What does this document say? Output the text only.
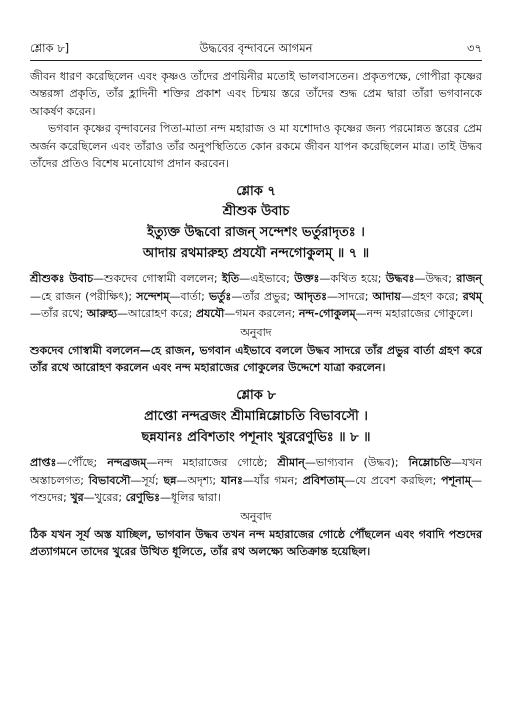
শ্লোক ৮]	উদ্ধবের বৃন্দাবনে আগমন	৩৭

জীবন ধারণ করেছিলেন এবং কৃষ্ণও তাঁদের প্রণয়িনীর মতোই ভালবাসতেন। প্রকৃতপক্ষে, গোপীরা কৃষ্ণের অন্তরঙ্গা প্রকৃতি, তাঁর হ্লাদিনী শক্তির প্রকাশ এবং চিন্ময় স্তরে তাঁদের শুদ্ধ প্রেম দ্বারা তাঁরা ভগবানকে আকর্ষণ করেন।

ভগবান কৃষ্ণের বৃন্দাবনের পিতা-মাতা নন্দ মহারাজ ও মা যশোদাও কৃষ্ণের জন্য পরমোন্নত স্তরের প্রেম অর্জন করেছিলেন এবং তাঁরাও তাঁর অনুপস্থিতিতে কোন রকমে জীবন যাপন করেছিলেন মাত্র। তাই উদ্ধব তাঁদের প্রতিও বিশেষ মনোযোগ প্রদান করবেন।

শ্লোক ৭

শ্রীশুক উবাচ

ইত্যুক্ত উদ্ধবো রাজন্ সন্দেশং ভর্তুরাদৃতঃ ।

আদায় রথমারুহ্য প্রযযৌ নন্দগোকুলম্ ॥ ৭ ॥

শ্রীশুকঃ উবাচ—শুকদেব গোস্বামী বললেন; ইতি—এইভাবে; উক্তঃ—কথিত হয়ে; উদ্ধবঃ—উদ্ধব; রাজন্—হে রাজন (পরীক্ষিৎ); সন্দেশম্—বার্তা; ভর্তুঃ—তাঁর প্রভুর; আদৃতঃ—সাদরে; আদায়—গ্রহণ করে; রথম্—তাঁর রথে; আরুহ্য—আরোহণ করে; প্রযযৌ—গমন করলেন; নন্দ-গোকুলম্—নন্দ মহারাজের গোকুলে।

অনুবাদ

শুকদেব গোস্বামী বললেন—হে রাজন, ভগবান এইভাবে বললে উদ্ধব সাদরে তাঁর প্রভুর বার্তা গ্রহণ করে তাঁর রথে আরোহণ করলেন এবং নন্দ মহারাজের গোকুলের উদ্দেশে যাত্রা করলেন।

শ্লোক ৮

প্রাপ্তো নন্দব্রজং শ্রীমান্নিম্লোচতি বিভাবসৌ ।

ছন্নযানঃ প্রবিশতাং পশূনাং খুররেণুভিঃ ॥ ৮ ॥

প্রাপ্তঃ—পৌঁছে; নন্দব্রজম্—নন্দ মহারাজের গোষ্ঠে; শ্রীমান্—ভাগ্যবান (উদ্ধব); নিম্লোচতি—যখন অস্তাচলগত; বিভাবসৌ—সূর্য; ছন্ন—অদৃশ্য; যানঃ—যাঁর গমন; প্রবিশতাম্—যে প্রবেশ করছিল; পশূনাম্—পশুদের; খুর—খুরের; রেণুভিঃ—ধূলির দ্বারা।

অনুবাদ

ঠিক যখন সূর্য অস্ত যাচ্ছিল, ভাগবান উদ্ধব তখন নন্দ মহারাজের গোষ্ঠে পৌঁছলেন এবং গবাদি পশুদের প্রত্যাগমনে তাদের খুরের উত্থিত ধূলিতে, তাঁর রথ অলক্ষ্যে অতিক্রান্ত হয়েছিল।
